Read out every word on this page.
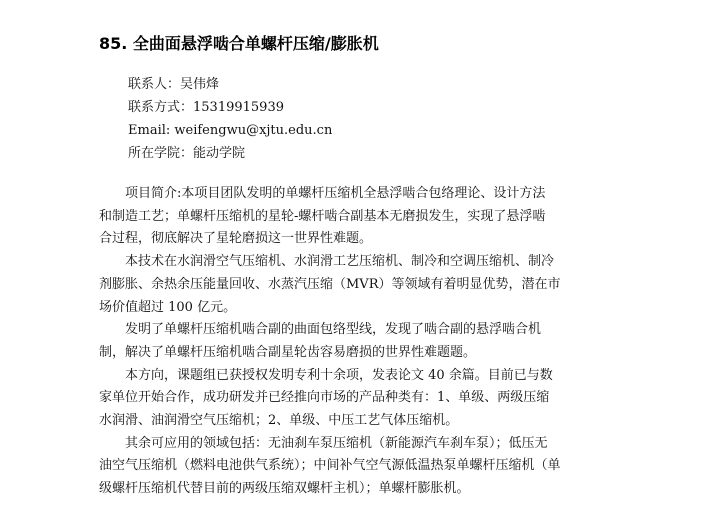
85. 全曲面悬浮啮合单螺杆压缩/膨胀机
联系人：吴伟烽
联系方式：15319915939
Email: weifengwu@xjtu.edu.cn
所在学院：能动学院

项目简介:本项目团队发明的单螺杆压缩机全悬浮啮合包络理论、设计方法
和制造工艺；单螺杆压缩机的星轮-螺杆啮合副基本无磨损发生，实现了悬浮啮
合过程，彻底解决了星轮磨损这一世界性难题。

本技术在水润滑空气压缩机、水润滑工艺压缩机、制冷和空调压缩机、制冷
剂膨胀、余热余压能量回收、水蒸汽压缩（MVR）等领域有着明显优势，潜在市
场价值超过 100 亿元。

发明了单螺杆压缩机啮合副的曲面包络型线，发现了啮合副的悬浮啮合机
制，解决了单螺杆压缩机啮合副星轮齿容易磨损的世界性难题题。

本方向，课题组已获授权发明专利十余项，发表论文 40 余篇。目前已与数
家单位开始合作，成功研发并已经推向市场的产品种类有：1、单级、两级压缩
水润滑、油润滑空气压缩机；2、单级、中压工艺气体压缩机。

其余可应用的领域包括：无油刹车泵压缩机（新能源汽车刹车泵）；低压无
油空气压缩机（燃料电池供气系统）；中间补气空气源低温热泵单螺杆压缩机（单
级螺杆压缩机代替目前的两级压缩双螺杆主机）；单螺杆膨胀机。
